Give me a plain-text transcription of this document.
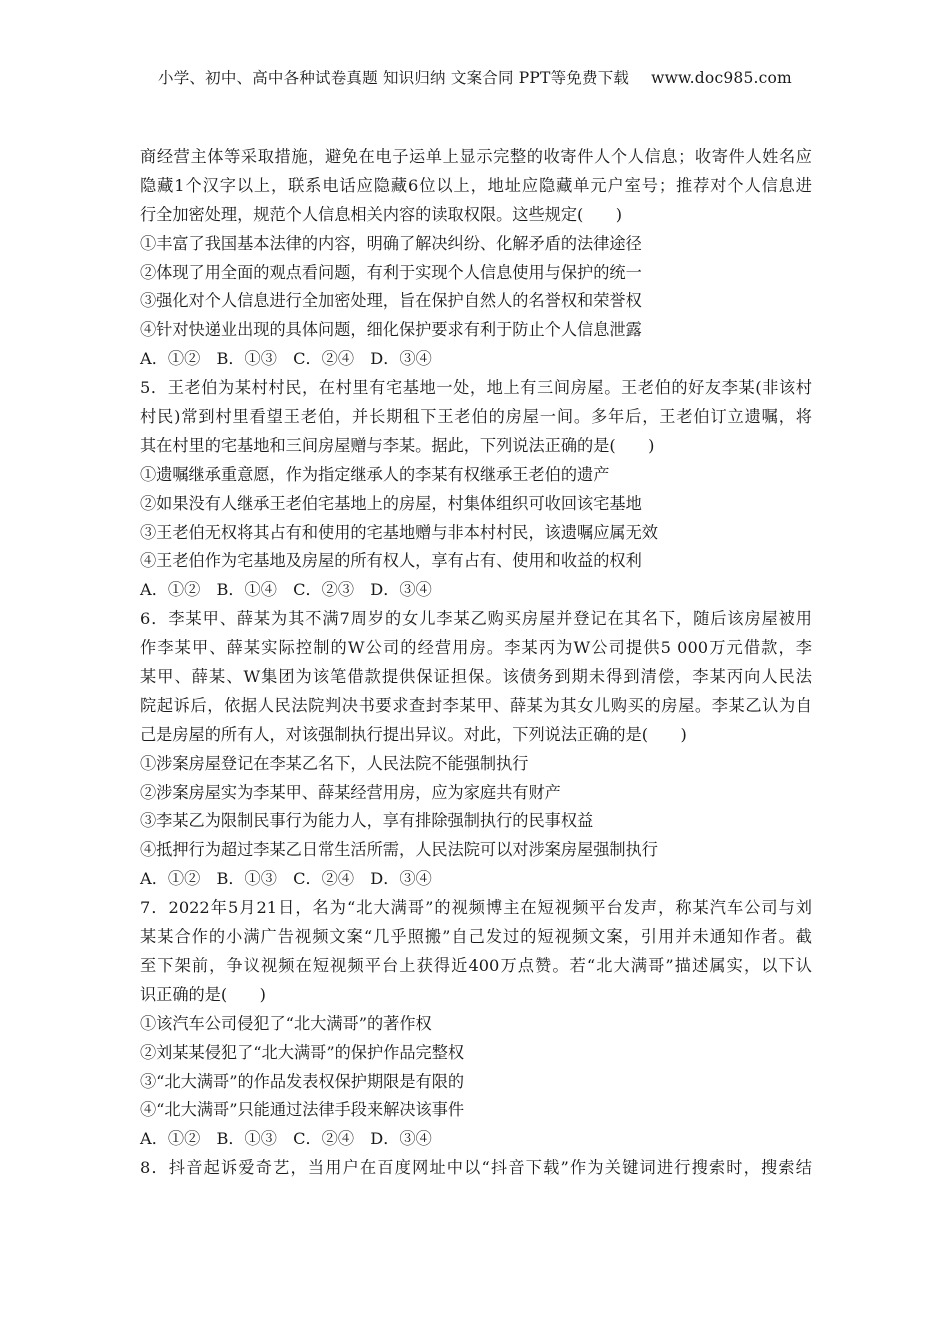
小学、初中、高中各种试卷真题 知识归纳 文案合同 PPT等免费下载 www.doc985.com
商经营主体等采取措施，避免在电子运单上显示完整的收寄件人个人信息；收寄件人姓名应
隐藏1个汉字以上，联系电话应隐藏6位以上，地址应隐藏单元户室号；推荐对个人信息进
行全加密处理，规范个人信息相关内容的读取权限。这些规定(　　)
①丰富了我国基本法律的内容，明确了解决纠纷、化解矛盾的法律途径
②体现了用全面的观点看问题，有利于实现个人信息使用与保护的统一
③强化对个人信息进行全加密处理，旨在保护自然人的名誉权和荣誉权
④针对快递业出现的具体问题，细化保护要求有利于防止个人信息泄露
A．①②　B．①③　C．②④　D．③④
5．王老伯为某村村民，在村里有宅基地一处，地上有三间房屋。王老伯的好友李某(非该村
村民)常到村里看望王老伯，并长期租下王老伯的房屋一间。多年后，王老伯订立遗嘱，将
其在村里的宅基地和三间房屋赠与李某。据此，下列说法正确的是(　　)
①遗嘱继承重意愿，作为指定继承人的李某有权继承王老伯的遗产
②如果没有人继承王老伯宅基地上的房屋，村集体组织可收回该宅基地
③王老伯无权将其占有和使用的宅基地赠与非本村村民，该遗嘱应属无效
④王老伯作为宅基地及房屋的所有权人，享有占有、使用和收益的权利
A．①②　B．①④　C．②③　D．③④
6．李某甲、薛某为其不满7周岁的女儿李某乙购买房屋并登记在其名下，随后该房屋被用
作李某甲、薛某实际控制的W公司的经营用房。李某丙为W公司提供5 000万元借款，李
某甲、薛某、W集团为该笔借款提供保证担保。该债务到期未得到清偿，李某丙向人民法
院起诉后，依据人民法院判决书要求查封李某甲、薛某为其女儿购买的房屋。李某乙认为自
己是房屋的所有人，对该强制执行提出异议。对此，下列说法正确的是(　　)
①涉案房屋登记在李某乙名下，人民法院不能强制执行
②涉案房屋实为李某甲、薛某经营用房，应为家庭共有财产
③李某乙为限制民事行为能力人，享有排除强制执行的民事权益
④抵押行为超过李某乙日常生活所需，人民法院可以对涉案房屋强制执行
A．①②　B．①③　C．②④　D．③④
7．2022年5月21日，名为“北大满哥”的视频博主在短视频平台发声，称某汽车公司与刘
某某合作的小满广告视频文案“几乎照搬”自己发过的短视频文案，引用并未通知作者。截
至下架前，争议视频在短视频平台上获得近400万点赞。若“北大满哥”描述属实，以下认
识正确的是(　　)
①该汽车公司侵犯了“北大满哥”的著作权
②刘某某侵犯了“北大满哥”的保护作品完整权
③“北大满哥”的作品发表权保护期限是有限的
④“北大满哥”只能通过法律手段来解决该事件
A．①②　B．①③　C．②④　D．③④
8．抖音起诉爱奇艺，当用户在百度网址中以“抖音下载”作为关键词进行搜索时，搜索结
